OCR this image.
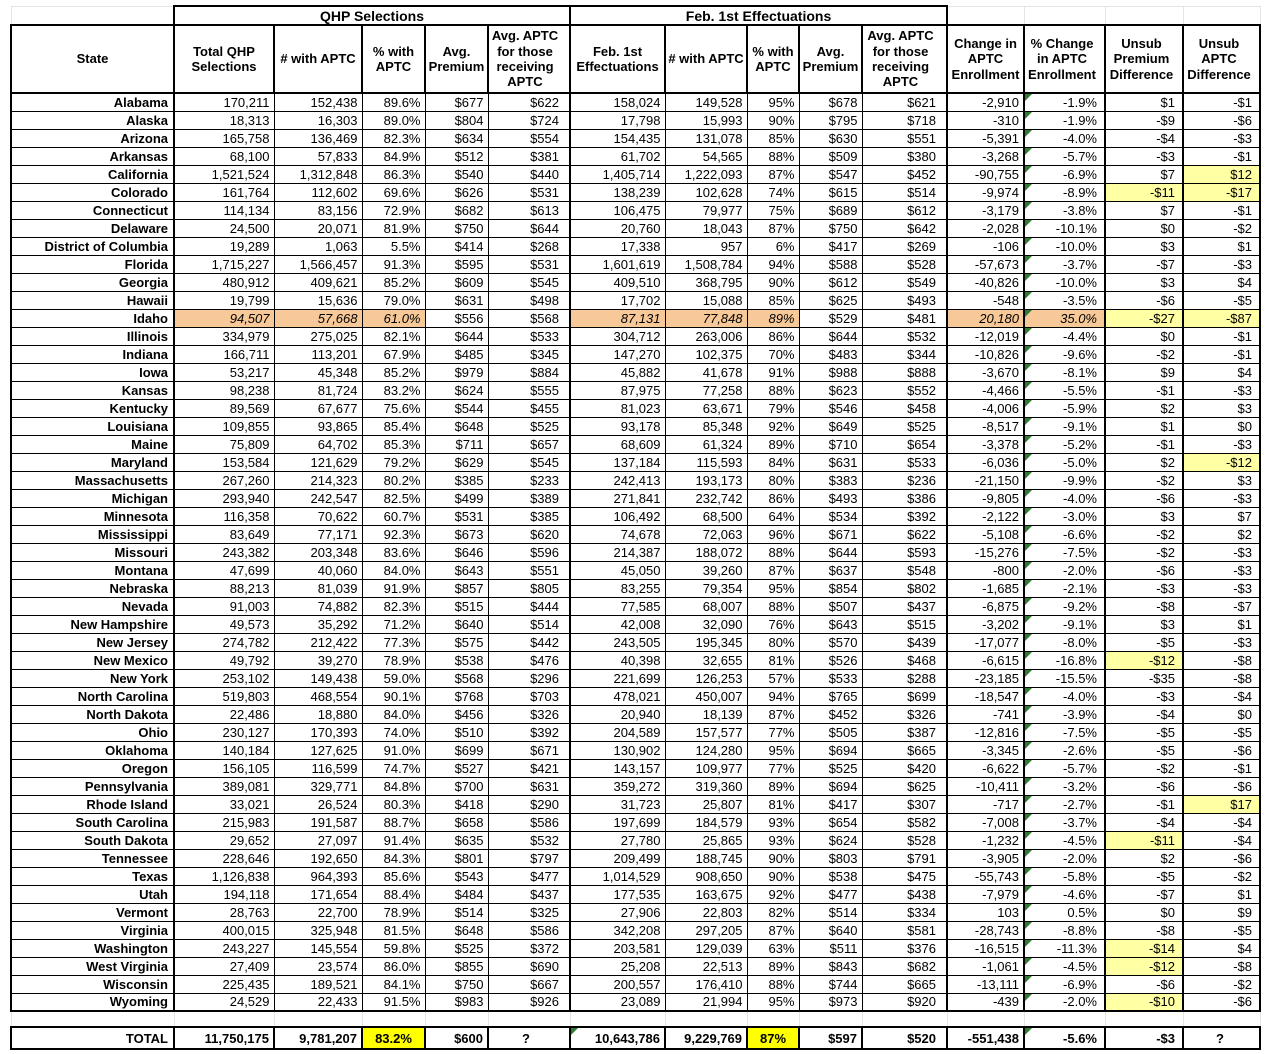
	QHP Selections					Feb. 1st Effectuations								
State	Total QHP Selections	# with APTC	% with APTC	Avg. Premium	Avg. APTC for those receiving APTC	Feb. 1st Effectuations	# with APTC	% with APTC	Avg. Premium	Avg. APTC for those receiving APTC	Change in APTC Enrollment	% Change in APTC Enrollment	Unsub Premium Difference	Unsub APTC Difference
Alabama	170,211	152,438	89.6%	$677	$622	158,024	149,528	95%	$678	$621	-2,910	-1.9%	$1	-$1
Alaska	18,313	16,303	89.0%	$804	$724	17,798	15,993	90%	$795	$718	-310	-1.9%	-$9	-$6
Arizona	165,758	136,469	82.3%	$634	$554	154,435	131,078	85%	$630	$551	-5,391	-4.0%	-$4	-$3
Arkansas	68,100	57,833	84.9%	$512	$381	61,702	54,565	88%	$509	$380	-3,268	-5.7%	-$3	-$1
California	1,521,524	1,312,848	86.3%	$540	$440	1,405,714	1,222,093	87%	$547	$452	-90,755	-6.9%	$7	$12
Colorado	161,764	112,602	69.6%	$626	$531	138,239	102,628	74%	$615	$514	-9,974	-8.9%	-$11	-$17
Connecticut	114,134	83,156	72.9%	$682	$613	106,475	79,977	75%	$689	$612	-3,179	-3.8%	$7	-$1
Delaware	24,500	20,071	81.9%	$750	$644	20,760	18,043	87%	$750	$642	-2,028	-10.1%	$0	-$2
District of Columbia	19,289	1,063	5.5%	$414	$268	17,338	957	6%	$417	$269	-106	-10.0%	$3	$1
Florida	1,715,227	1,566,457	91.3%	$595	$531	1,601,619	1,508,784	94%	$588	$528	-57,673	-3.7%	-$7	-$3
Georgia	480,912	409,621	85.2%	$609	$545	409,510	368,795	90%	$612	$549	-40,826	-10.0%	$3	$4
Hawaii	19,799	15,636	79.0%	$631	$498	17,702	15,088	85%	$625	$493	-548	-3.5%	-$6	-$5
Idaho	94,507	57,668	61.0%	$556	$568	87,131	77,848	89%	$529	$481	20,180	35.0%	-$27	-$87
Illinois	334,979	275,025	82.1%	$644	$533	304,712	263,006	86%	$644	$532	-12,019	-4.4%	$0	-$1
Indiana	166,711	113,201	67.9%	$485	$345	147,270	102,375	70%	$483	$344	-10,826	-9.6%	-$2	-$1
Iowa	53,217	45,348	85.2%	$979	$884	45,882	41,678	91%	$988	$888	-3,670	-8.1%	$9	$4
Kansas	98,238	81,724	83.2%	$624	$555	87,975	77,258	88%	$623	$552	-4,466	-5.5%	-$1	-$3
Kentucky	89,569	67,677	75.6%	$544	$455	81,023	63,671	79%	$546	$458	-4,006	-5.9%	$2	$3
Louisiana	109,855	93,865	85.4%	$648	$525	93,178	85,348	92%	$649	$525	-8,517	-9.1%	$1	$0
Maine	75,809	64,702	85.3%	$711	$657	68,609	61,324	89%	$710	$654	-3,378	-5.2%	-$1	-$3
Maryland	153,584	121,629	79.2%	$629	$545	137,184	115,593	84%	$631	$533	-6,036	-5.0%	$2	-$12
Massachusetts	267,260	214,323	80.2%	$385	$233	242,413	193,173	80%	$383	$236	-21,150	-9.9%	-$2	$3
Michigan	293,940	242,547	82.5%	$499	$389	271,841	232,742	86%	$493	$386	-9,805	-4.0%	-$6	-$3
Minnesota	116,358	70,622	60.7%	$531	$385	106,492	68,500	64%	$534	$392	-2,122	-3.0%	$3	$7
Mississippi	83,649	77,171	92.3%	$673	$620	74,678	72,063	96%	$671	$622	-5,108	-6.6%	-$2	$2
Missouri	243,382	203,348	83.6%	$646	$596	214,387	188,072	88%	$644	$593	-15,276	-7.5%	-$2	-$3
Montana	47,699	40,060	84.0%	$643	$551	45,050	39,260	87%	$637	$548	-800	-2.0%	-$6	-$3
Nebraska	88,213	81,039	91.9%	$857	$805	83,255	79,354	95%	$854	$802	-1,685	-2.1%	-$3	-$3
Nevada	91,003	74,882	82.3%	$515	$444	77,585	68,007	88%	$507	$437	-6,875	-9.2%	-$8	-$7
New Hampshire	49,573	35,292	71.2%	$640	$514	42,008	32,090	76%	$643	$515	-3,202	-9.1%	$3	$1
New Jersey	274,782	212,422	77.3%	$575	$442	243,505	195,345	80%	$570	$439	-17,077	-8.0%	-$5	-$3
New Mexico	49,792	39,270	78.9%	$538	$476	40,398	32,655	81%	$526	$468	-6,615	-16.8%	-$12	-$8
New York	253,102	149,438	59.0%	$568	$296	221,699	126,253	57%	$533	$288	-23,185	-15.5%	-$35	-$8
North Carolina	519,803	468,554	90.1%	$768	$703	478,021	450,007	94%	$765	$699	-18,547	-4.0%	-$3	-$4
North Dakota	22,486	18,880	84.0%	$456	$326	20,940	18,139	87%	$452	$326	-741	-3.9%	-$4	$0
Ohio	230,127	170,393	74.0%	$510	$392	204,589	157,577	77%	$505	$387	-12,816	-7.5%	-$5	-$5
Oklahoma	140,184	127,625	91.0%	$699	$671	130,902	124,280	95%	$694	$665	-3,345	-2.6%	-$5	-$6
Oregon	156,105	116,599	74.7%	$527	$421	143,157	109,977	77%	$525	$420	-6,622	-5.7%	-$2	-$1
Pennsylvania	389,081	329,771	84.8%	$700	$631	359,272	319,360	89%	$694	$625	-10,411	-3.2%	-$6	-$6
Rhode Island	33,021	26,524	80.3%	$418	$290	31,723	25,807	81%	$417	$307	-717	-2.7%	-$1	$17
South Carolina	215,983	191,587	88.7%	$658	$586	197,699	184,579	93%	$654	$582	-7,008	-3.7%	-$4	-$4
South Dakota	29,652	27,097	91.4%	$635	$532	27,780	25,865	93%	$624	$528	-1,232	-4.5%	-$11	-$4
Tennessee	228,646	192,650	84.3%	$801	$797	209,499	188,745	90%	$803	$791	-3,905	-2.0%	$2	-$6
Texas	1,126,838	964,393	85.6%	$543	$477	1,014,529	908,650	90%	$538	$475	-55,743	-5.8%	-$5	-$2
Utah	194,118	171,654	88.4%	$484	$437	177,535	163,675	92%	$477	$438	-7,979	-4.6%	-$7	$1
Vermont	28,763	22,700	78.9%	$514	$325	27,906	22,803	82%	$514	$334	103	0.5%	$0	$9
Virginia	400,015	325,948	81.5%	$648	$586	342,208	297,205	87%	$640	$581	-28,743	-8.8%	-$8	-$5
Washington	243,227	145,554	59.8%	$525	$372	203,581	129,039	63%	$511	$376	-16,515	-11.3%	-$14	$4
West Virginia	27,409	23,574	86.0%	$855	$690	25,208	22,513	89%	$843	$682	-1,061	-4.5%	-$12	-$8
Wisconsin	225,435	189,521	84.1%	$750	$667	200,557	176,410	88%	$744	$665	-13,111	-6.9%	-$6	-$2
Wyoming	24,529	22,433	91.5%	$983	$926	23,089	21,994	95%	$973	$920	-439	-2.0%	-$10	-$6

TOTAL	11,750,175	9,781,207	83.2%	$600	?	10,643,786	9,229,769	87%	$597	$520	-551,438	-5.6%	-$3	?
